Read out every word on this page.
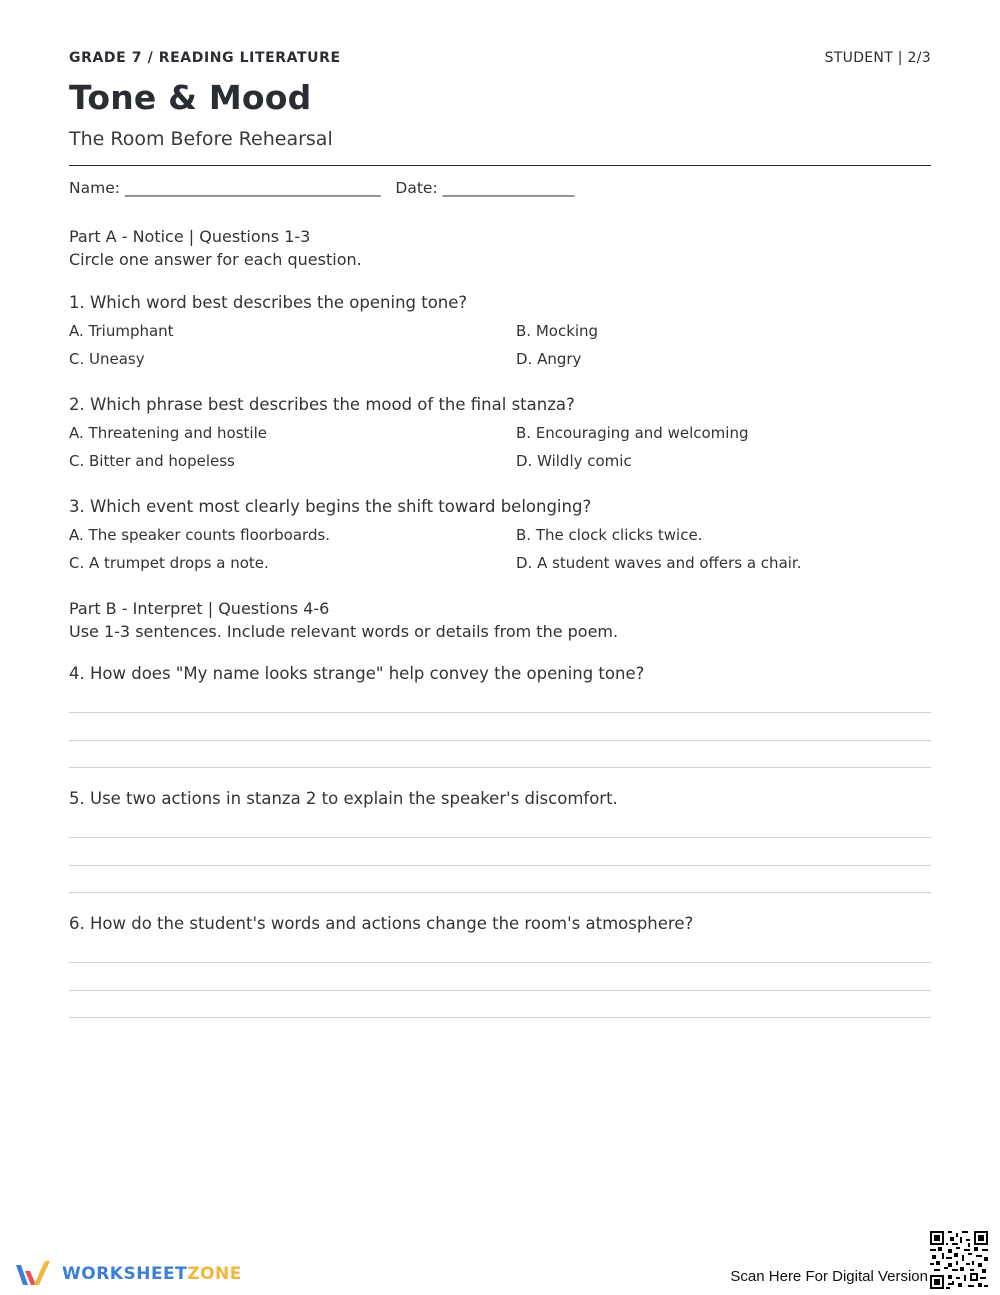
GRADE 7 / READING LITERATURE	STUDENT | 2/3
Tone & Mood
The Room Before Rehearsal
Name: _________________________________   Date: _________________
Part A - Notice | Questions 1-3
Circle one answer for each question.
1. Which word best describes the opening tone?
A. Triumphant	B. Mocking
C. Uneasy	D. Angry
2. Which phrase best describes the mood of the final stanza?
A. Threatening and hostile	B. Encouraging and welcoming
C. Bitter and hopeless	D. Wildly comic
3. Which event most clearly begins the shift toward belonging?
A. The speaker counts floorboards.	B. The clock clicks twice.
C. A trumpet drops a note.	D. A student waves and offers a chair.
Part B - Interpret | Questions 4-6
Use 1-3 sentences. Include relevant words or details from the poem.
4. How does "My name looks strange" help convey the opening tone?
5. Use two actions in stanza 2 to explain the speaker's discomfort.
6. How do the student's words and actions change the room's atmosphere?
WORKSHEETZONE	Scan Here For Digital Version
